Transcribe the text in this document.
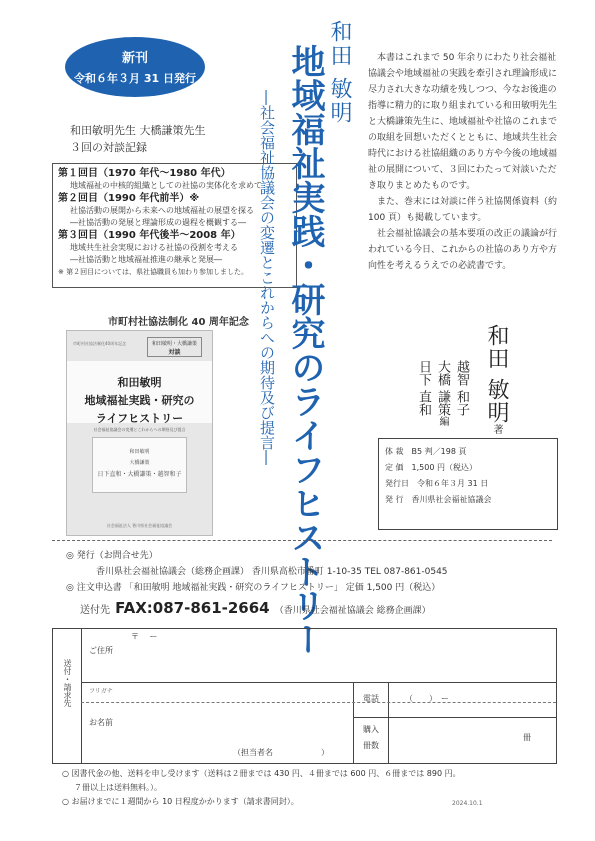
新刊
令和６年３月 31 日発行
和田敏明先生 大橋謙策先生
３回の対談記録
第１回目（1970 年代〜1980 年代）
地域福祉の中核的組織としての社協の実体化を求めて
第２回目（1990 年代前半）※
社協活動の展開から未来への地域福祉の展望を探る
―社協活動の発展と理論形成の過程を概観する―
第３回目（1990 年代後半〜2008 年）
地域共生社会実現における社協の役割を考える
―社協活動と地域福祉推進の継承と発展―
※ 第２回目については、県社協職員も加わり参加しました。
市町村社協法制化 40 周年記念
市町村社協法制化40周年記念	和田敏明・大橋謙策
対談
和田敏明
地域福祉実践・研究の
ライフヒストリー
社会福祉協議会の変遷とこれからへの期待及び提言
和田敏明
大橋謙策
日下直和・大橋謙策・越智和子
社会福祉法人 香川県社会福祉協議会
和田 敏明
地域福祉実践・研究のライフヒストリー
―社会福祉協議会の変遷とこれからへの期待及び提言―

本書はこれまで 50 年余りにわたり社会福祉協議会や地域福祉の実践を牽引され理論形成に尽力され大きな功績を残しつつ、今なお後進の指導に精力的に取り組まれている和田敏明先生と大橋謙策先生に、地域福祉や社協のこれまでの取組を回想いただくとともに、地域共生社会時代における社協組織のあり方や今後の地域福祉の展開について、３回にわたって対談いただき取りまとめたものです。

また、巻末には対談に伴う社協関係資料（約 100 頁）も掲載しています。

社会福祉協議会の基本要項の改正の議論が行われている今日、これからの社協のあり方や方向性を考えるうえでの必読書です。

和田 敏明著
越智 和子
大橋 謙策編
日下 直和
体 裁　 B5 判／198 頁
定 価　 1,500 円（税込）
発行日　 令和６年３月 31 日
発 行　 香川県社会福祉協議会
◎ 発行（お問合せ先）
香川県社会福祉協議会（総務企画課） 香川県高松市番町 1-10-35 TEL 087-861-0545
◎ 注文申込書 「和田敏明 地域福祉実践・研究のライフヒストリー」 定価 1,500 円（税込）
送付先 FAX:087-861-2664 （香川県社会福祉協議会 総務企画課）
送付・請求先
ご住所
〒　 ー
フリガナ
お名前
（担当者名　　　　　　）
電話	（　　）　ー
購入
冊数
冊
○ 図書代金の他、送料を申し受けます（送料は２冊までは 430 円、４冊までは 600 円、６冊までは 890 円。
７冊以上は送料無料。）。
○ お届けまでに１週間から 10 日程度かかります（請求書同封）。	2024.10.1
